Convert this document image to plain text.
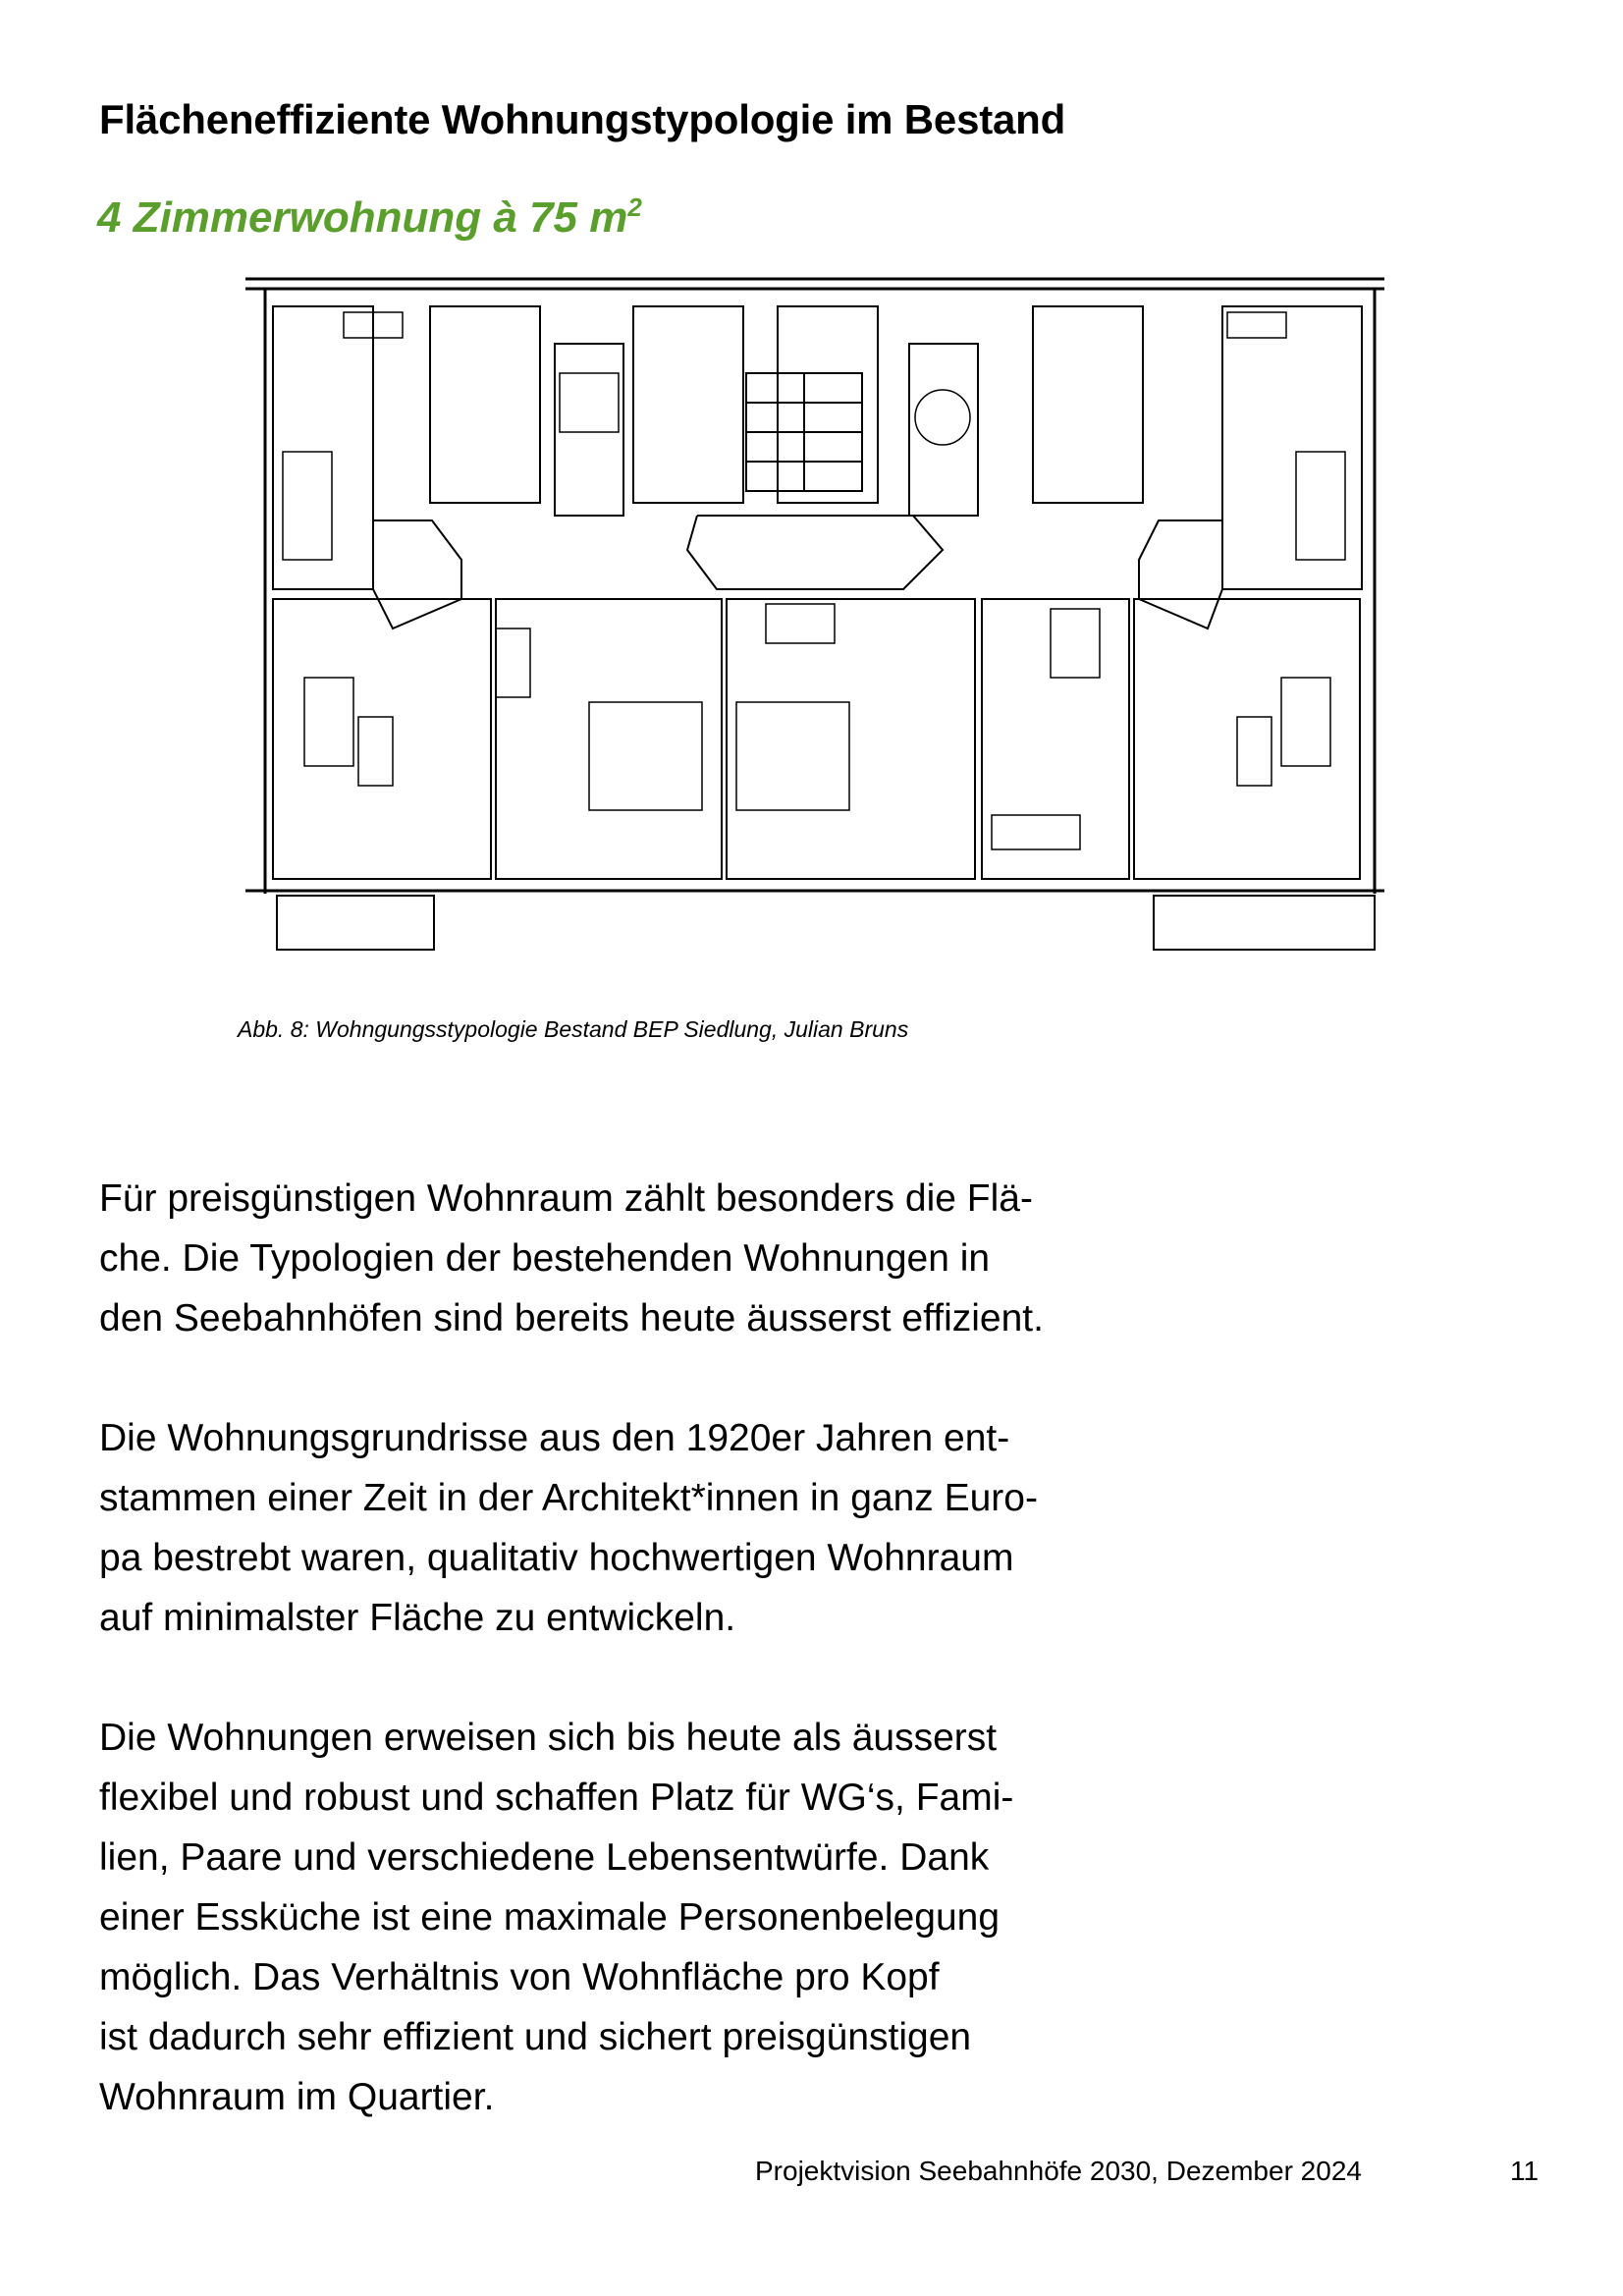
Flächeneffiziente Wohnungstypologie im Bestand
4 Zimmerwohnung à 75 $m^2$
Abb. 8: Wohngungsstypologie Bestand BEP Siedlung, Julian Bruns

Für preisgünstigen Wohnraum zählt besonders die Flä-
che. Die Typologien der bestehenden Wohnungen in
den Seebahnhöfen sind bereits heute äusserst effizient.

Die Wohnungsgrundrisse aus den 1920er Jahren ent-
stammen einer Zeit in der Architekt*innen in ganz Euro-
pa bestrebt waren, qualitativ hochwertigen Wohnraum
auf minimalster Fläche zu entwickeln.

Die Wohnungen erweisen sich bis heute als äusserst
flexibel und robust und schaffen Platz für WG‘s, Fami-
lien, Paare und verschiedene Lebensentwürfe. Dank
einer Essküche ist eine maximale Personenbelegung
möglich. Das Verhältnis von Wohnfläche pro Kopf
ist dadurch sehr effizient und sichert preisgünstigen
Wohnraum im Quartier.

Projektvision Seebahnhöfe 2030, Dezember 2024	11
